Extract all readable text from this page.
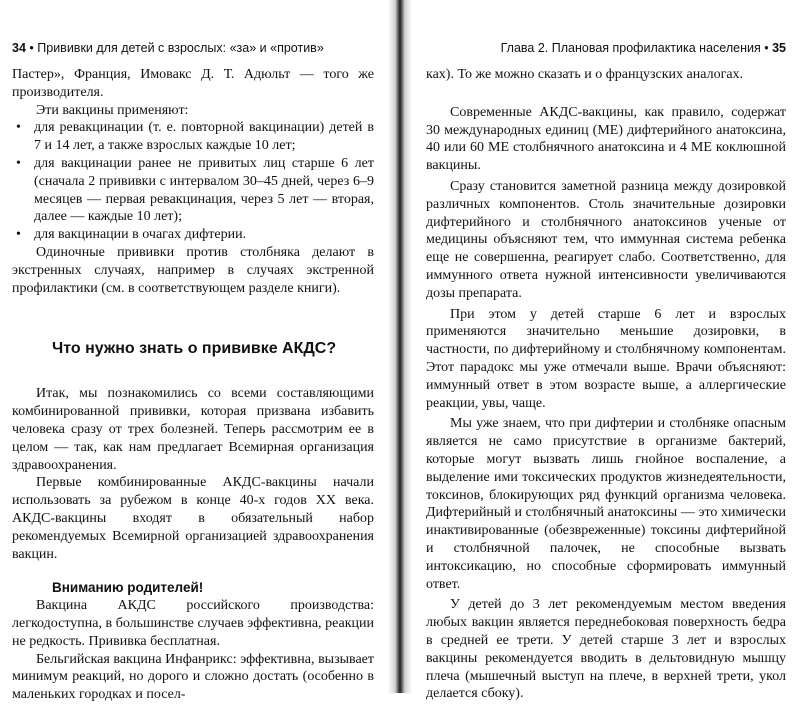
34 • Прививки для детей с взрослых: «за» и «против»

Пастер», Франция, Имовакс Д. Т. Адюльт — того же производителя.

Эти вакцины применяют:

• для ревакцинации (т. е. повторной вакцинации) детей в 7 и 14 лет, а также взрослых каждые 10 лет;
• для вакцинации ранее не привитых лиц старше 6 лет (сначала 2 прививки с интервалом 30–45 дней, через 6–9 месяцев — первая ревакцинация, через 5 лет — вторая, далее — каждые 10 лет);
• для вакцинации в очагах дифтерии.

Одиночные прививки против столбняка делают в экстренных случаях, например в случаях экстренной профилактики (см. в соответствующем разделе книги).

Что нужно знать о прививке АКДС?

Итак, мы познакомились со всеми составляющими комбинированной прививки, которая призвана избавить человека сразу от трех болезней. Теперь рассмотрим ее в целом — так, как нам предлагает Всемирная организация здравоохранения.

Первые комбинированные АКДС-вакцины начали использовать за рубежом в конце 40-х годов XX века. АКДС-вакцины входят в обязательный набор рекомендуемых Всемирной организацией здравоохранения вакцин.

Вниманию родителей!

Вакцина АКДС российского производства: легкодоступна, в большинстве случаев эффективна, реакции не редкость. Прививка бесплатная.

Бельгийская вакцина Инфанрикс: эффективна, вызывает минимум реакций, но дорого и сложно достать (особенно в маленьких городках и посел-

Глава 2. Плановая профилактика населения • 35

ках). То же можно сказать и о французских аналогах.

Современные АКДС-вакцины, как правило, содержат 30 международных единиц (МЕ) дифтерийного анатоксина, 40 или 60 МЕ столбнячного анатоксина и 4 МЕ коклюшной вакцины.

Сразу становится заметной разница между дозировкой различных компонентов. Столь значительные дозировки дифтерийного и столбнячного анатоксинов ученые от медицины объясняют тем, что иммунная система ребенка еще не совершенна, реагирует слабо. Соответственно, для иммунного ответа нужной интенсивности увеличиваются дозы препарата.

При этом у детей старше 6 лет и взрослых применяются значительно меньшие дозировки, в частности, по дифтерийному и столбнячному компонентам. Этот парадокс мы уже отмечали выше. Врачи объясняют: иммунный ответ в этом возрасте выше, а аллергические реакции, увы, чаще.

Мы уже знаем, что при дифтерии и столбняке опасным является не само присутствие в организме бактерий, которые могут вызвать лишь гнойное воспаление, а выделение ими токсических продуктов жизнедеятельности, токсинов, блокирующих ряд функций организма человека. Дифтерийный и столбнячный анатоксины — это химически инактивированные (обезвреженные) токсины дифтерийной и столбнячной палочек, не способные вызвать интоксикацию, но способные сформировать иммунный ответ.

У детей до 3 лет рекомендуемым местом введения любых вакцин является переднебоковая поверхность бедра в средней ее трети. У детей старше 3 лет и взрослых вакцины рекомендуется вводить в дельтовидную мышцу плеча (мышечный выступ на плече, в верхней трети, укол делается сбоку).
